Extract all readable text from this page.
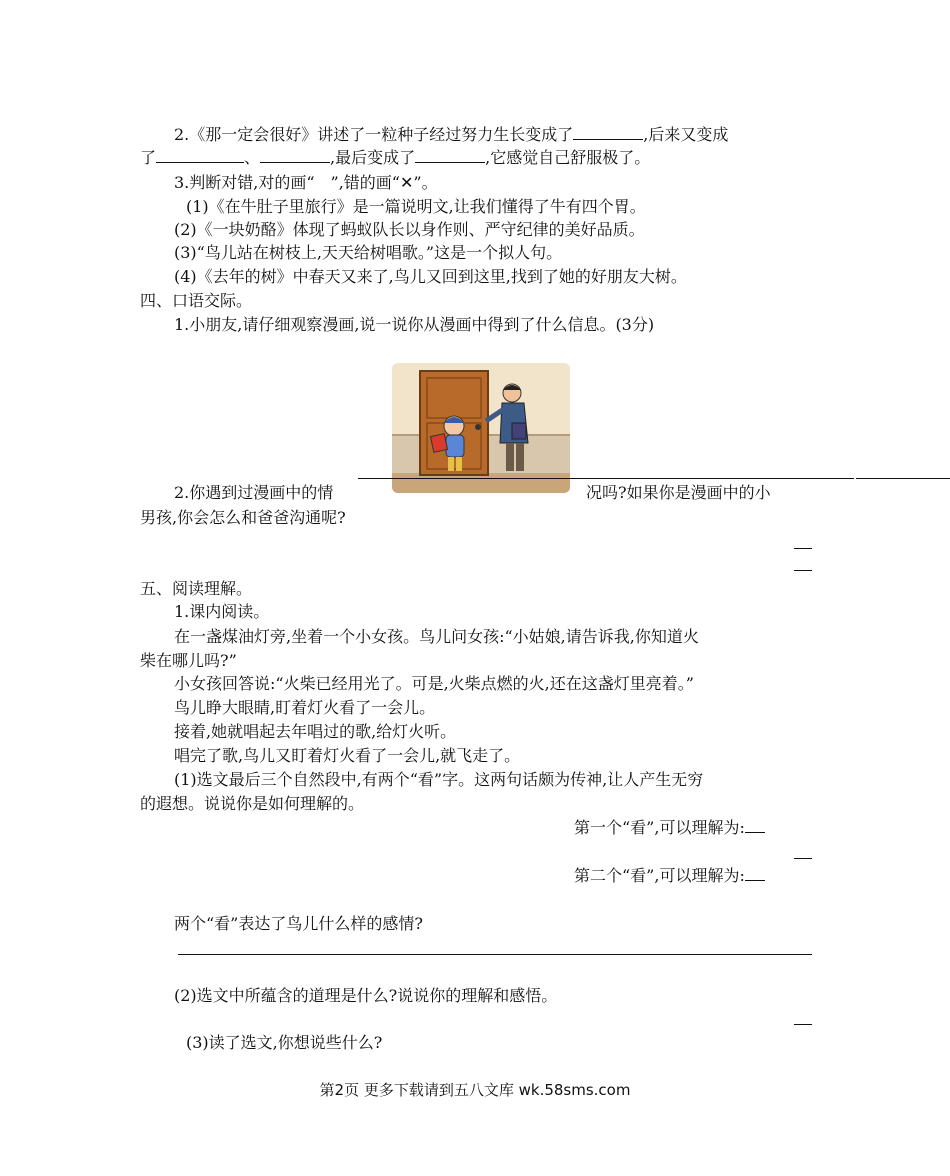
2.《那一定会很好》讲述了一粒种子经过努力生长变成了	,后来又变成
了	、	,最后变成了	,它感觉自己舒服极了。
3.判断对错,对的画“　”,错的画“✕”。
(1)《在牛肚子里旅行》是一篇说明文,让我们懂得了牛有四个胃。
(2)《一块奶酪》体现了蚂蚁队长以身作则、严守纪律的美好品质。
(3)“鸟儿站在树枝上,天天给树唱歌。”这是一个拟人句。
(4)《去年的树》中春天又来了,鸟儿又回到这里,找到了她的好朋友大树。
四、口语交际。
1.小朋友,请仔细观察漫画,说一说你从漫画中得到了什么信息。(3分)
2.你遇到过漫画中的情	况吗?如果你是漫画中的小
男孩,你会怎么和爸爸沟通呢?
五、阅读理解。
1.课内阅读。
在一盏煤油灯旁,坐着一个小女孩。鸟儿问女孩:“小姑娘,请告诉我,你知道火
柴在哪儿吗?”
小女孩回答说:“火柴已经用光了。可是,火柴点燃的火,还在这盏灯里亮着。”
鸟儿睁大眼睛,盯着灯火看了一会儿。
接着,她就唱起去年唱过的歌,给灯火听。
唱完了歌,鸟儿又盯着灯火看了一会儿,就飞走了。
(1)选文最后三个自然段中,有两个“看”字。这两句话颇为传神,让人产生无穷
的遐想。说说你是如何理解的。
第一个“看”,可以理解为:
第二个“看”,可以理解为:
两个“看”表达了鸟儿什么样的感情?
(2)选文中所蕴含的道理是什么?说说你的理解和感悟。
(3)读了选文,你想说些什么?
第2页 更多下载请到五八文库 wk.58sms.com
